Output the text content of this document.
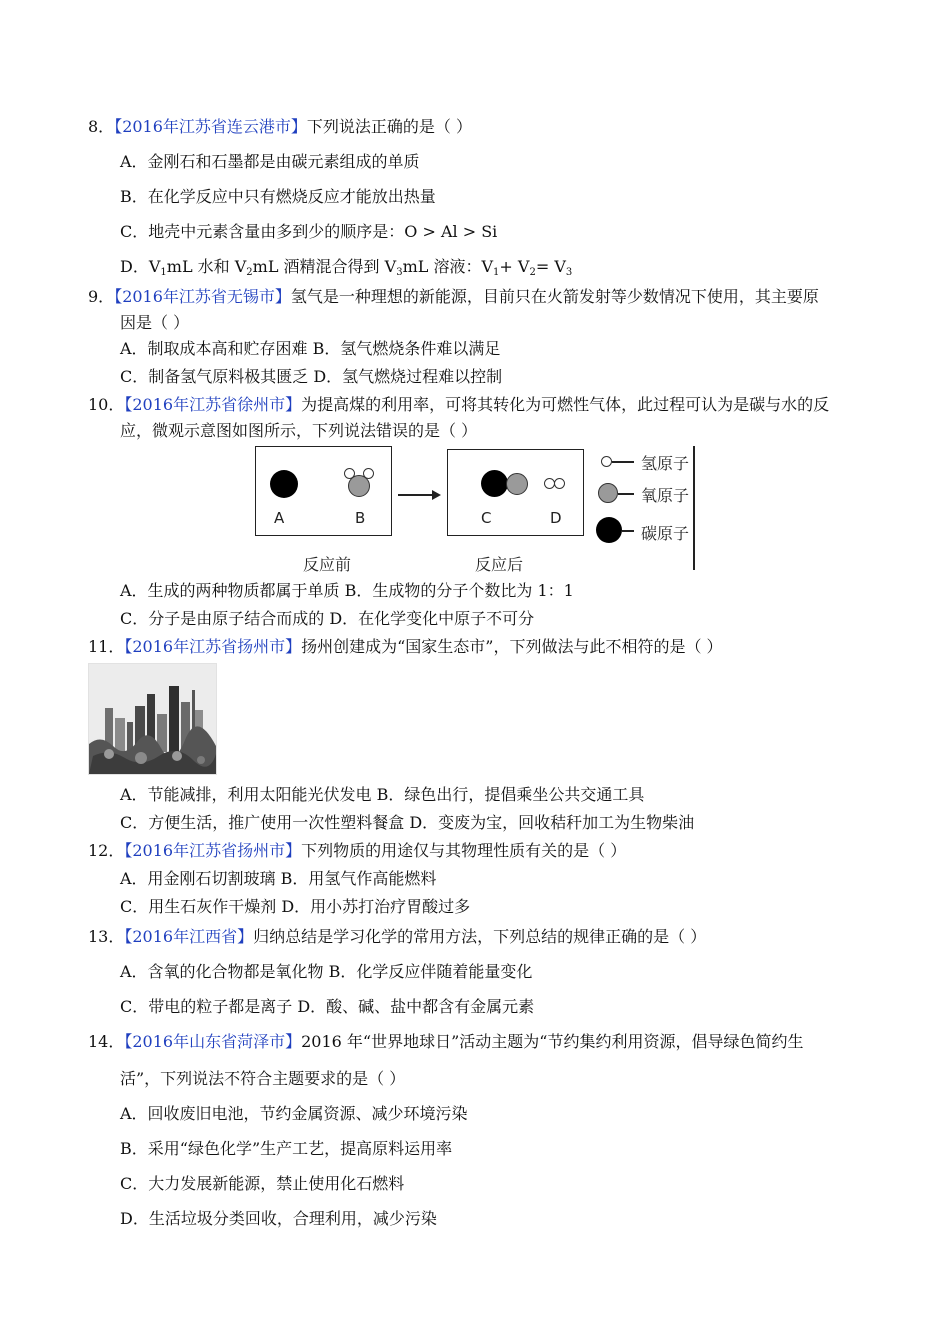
8．【2016年江苏省连云港市】下列说法正确的是（ ）
A．金刚石和石墨都是由碳元素组成的单质
B．在化学反应中只有燃烧反应才能放出热量
C．地壳中元素含量由多到少的顺序是：O > Al > Si
D．$V_1mL$ 水和 $V_2mL$ 酒精混合得到 $V_3mL$ 溶液：$V_1+ V_2= V_3$
9．【2016年江苏省无锡市】氢气是一种理想的新能源，目前只在火箭发射等少数情况下使用，其主要原
因是（ ）
A．制取成本高和贮存困难 B．氢气燃烧条件难以满足
C．制备氢气原料极其匮乏 D．氢气燃烧过程难以控制
10．【2016年江苏省徐州市】为提高煤的利用率，可将其转化为可燃性气体，此过程可认为是碳与水的反
应，微观示意图如图所示，下列说法错误的是（ ）
A	B	C	D
反应前	反应后
氢原子
氧原子
碳原子
A．生成的两种物质都属于单质 B．生成物的分子个数比为 1：1
C．分子是由原子结合而成的 D．在化学变化中原子不可分
11．【2016年江苏省扬州市】扬州创建成为“国家生态市”，下列做法与此不相符的是（ ）
A．节能减排，利用太阳能光伏发电 B．绿色出行，提倡乘坐公共交通工具
C．方便生活，推广使用一次性塑料餐盒 D．变废为宝，回收秸秆加工为生物柴油
12．【2016年江苏省扬州市】下列物质的用途仅与其物理性质有关的是（ ）
A．用金刚石切割玻璃 B．用氢气作高能燃料
C．用生石灰作干燥剂 D．用小苏打治疗胃酸过多
13．【2016年江西省】归纳总结是学习化学的常用方法，下列总结的规律正确的是（ ）
A．含氧的化合物都是氧化物 B．化学反应伴随着能量变化
C．带电的粒子都是离子 D．酸、碱、盐中都含有金属元素
14．【2016年山东省菏泽市】2016 年“世界地球日”活动主题为“节约集约利用资源，倡导绿色简约生
活”，下列说法不符合主题要求的是（ ）
A．回收废旧电池，节约金属资源、减少环境污染
B．采用“绿色化学”生产工艺，提高原料运用率
C．大力发展新能源，禁止使用化石燃料
D．生活垃圾分类回收，合理利用，减少污染
